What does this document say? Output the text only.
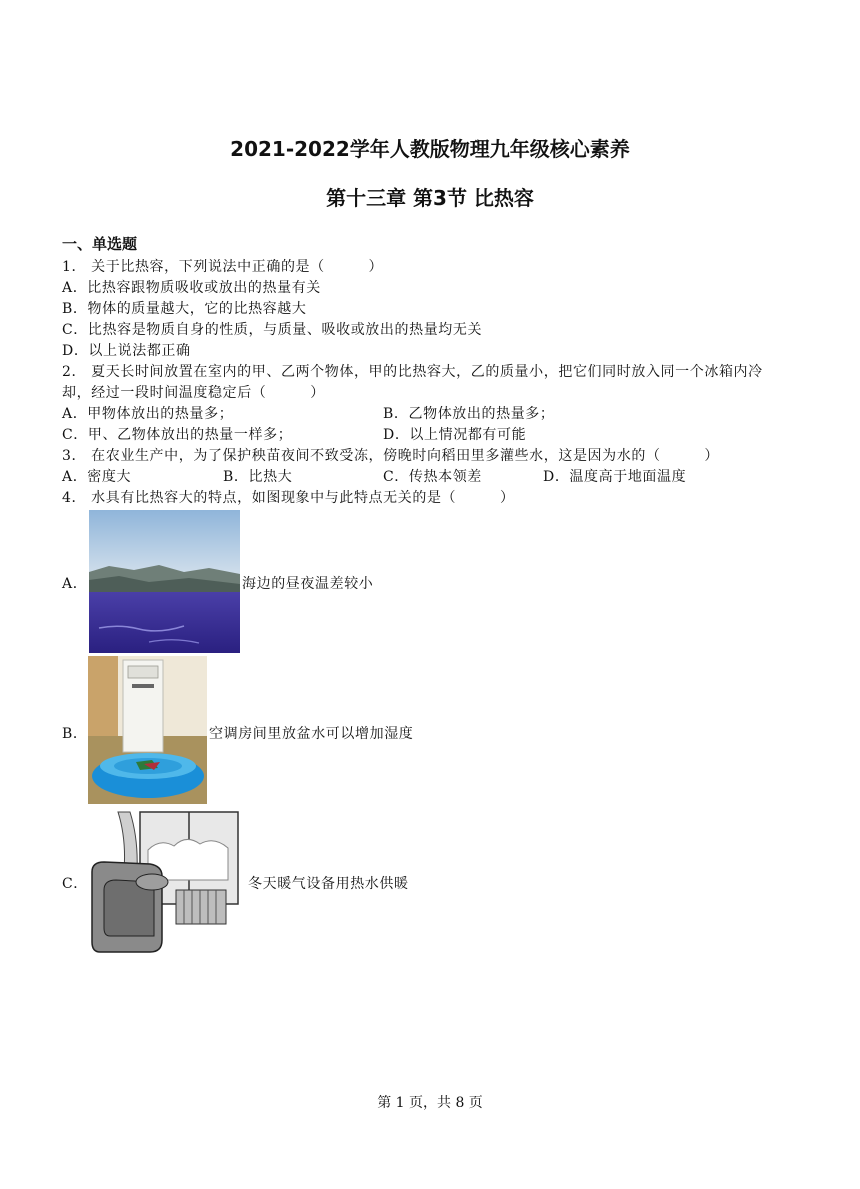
2021-2022学年人教版物理九年级核心素养
第十三章 第3节 比热容
一、单选题
1． 关于比热容，下列说法中正确的是（　　　）
A．比热容跟物质吸收或放出的热量有关
B．物体的质量越大，它的比热容越大
C．比热容是物质自身的性质，与质量、吸收或放出的热量均无关
D．以上说法都正确
2． 夏天长时间放置在室内的甲、乙两个物体，甲的比热容大，乙的质量小，把它们同时放入同一个冰箱内冷
却，经过一段时间温度稳定后（　　　）
A．甲物体放出的热量多；	B．乙物体放出的热量多；
C．甲、乙物体放出的热量一样多；	D．以上情况都有可能
3． 在农业生产中，为了保护秧苗夜间不致受冻，傍晚时向稻田里多灌些水，这是因为水的（　　　）
A．密度大	B．比热大	C．传热本领差	D．温度高于地面温度
4． 水具有比热容大的特点，如图现象中与此特点无关的是（　　　）
A．	海边的昼夜温差较小
B．	空调房间里放盆水可以增加湿度
C．	冬天暖气设备用热水供暖
第 1 页，共 8 页
